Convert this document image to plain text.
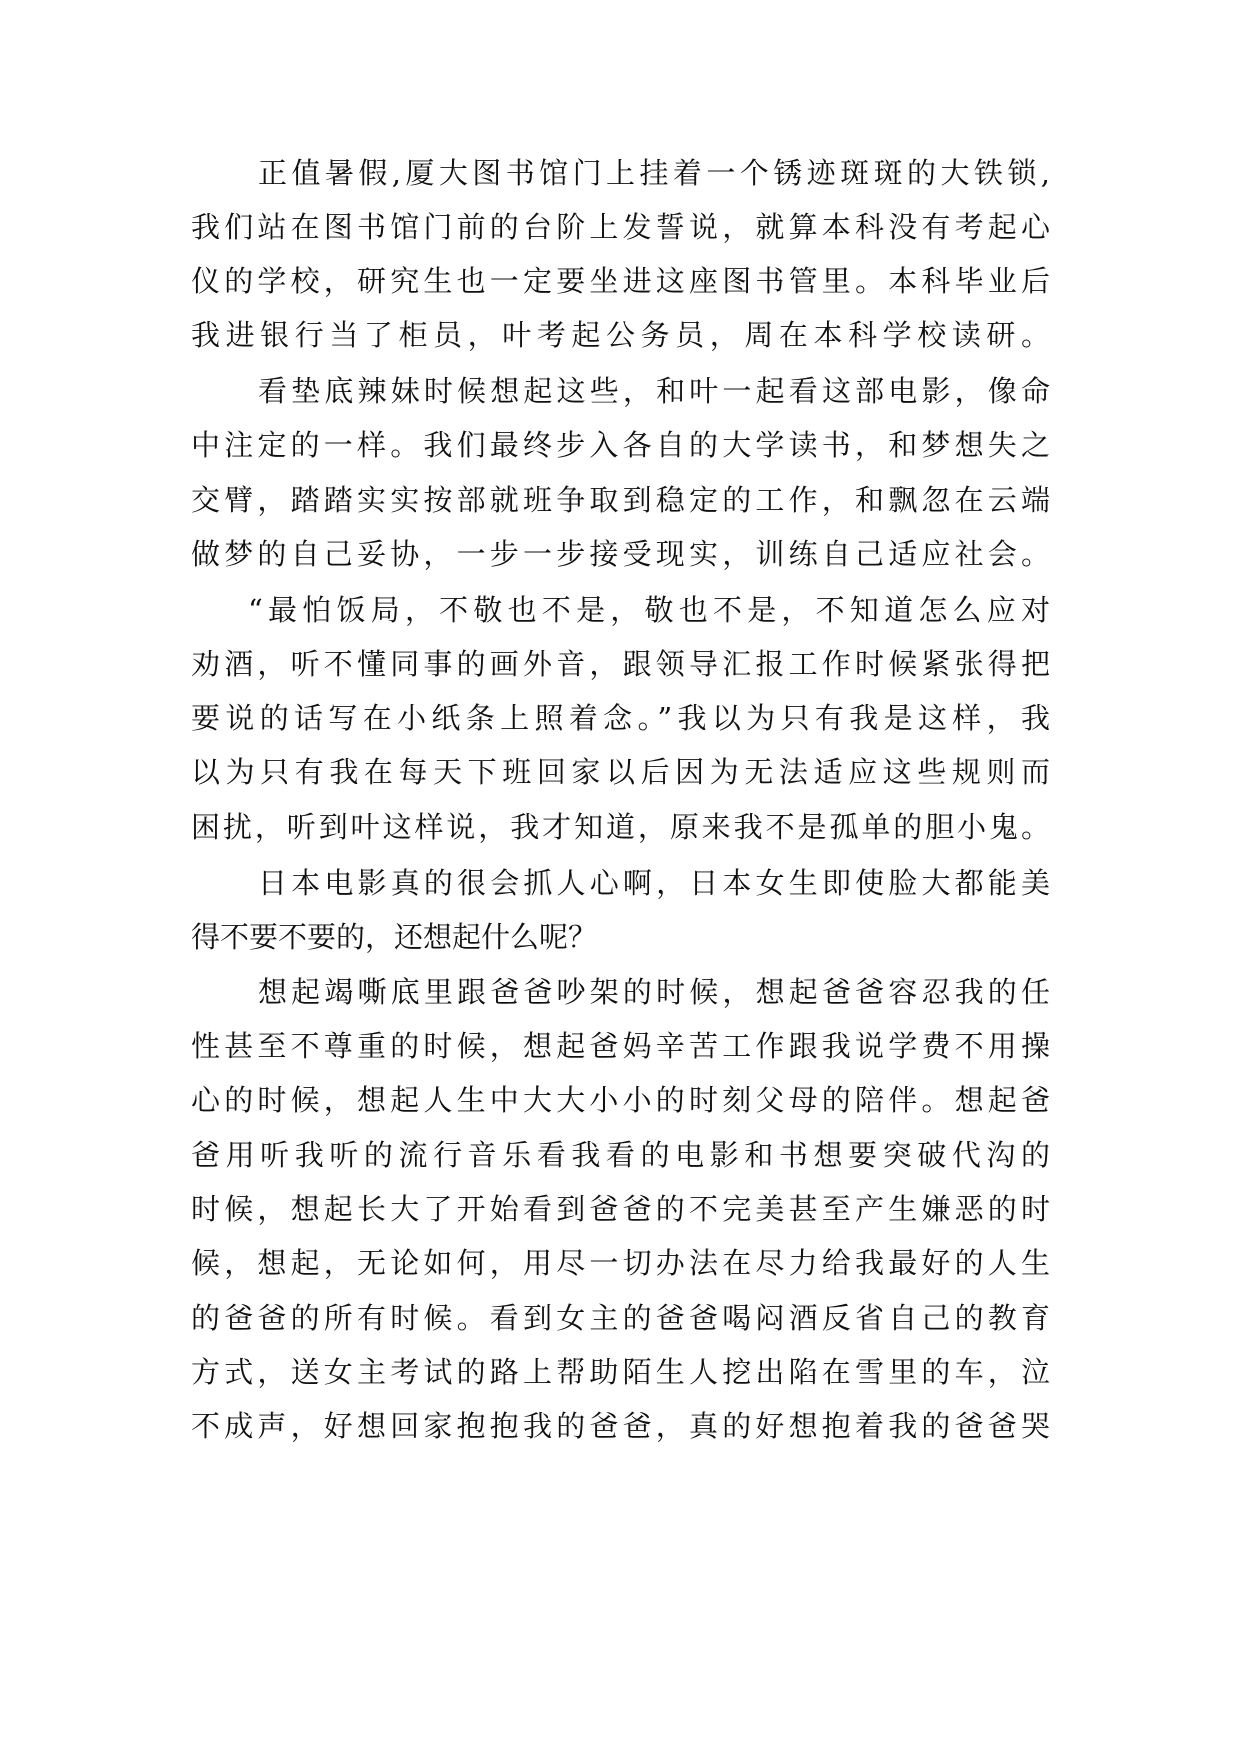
正值暑假,厦大图书馆门上挂着一个锈迹斑斑的大铁锁,
我们站在图书馆门前的台阶上发誓说，就算本科没有考起心
仪的学校，研究生也一定要坐进这座图书管里。本科毕业后
我进银行当了柜员，叶考起公务员，周在本科学校读研。
看垫底辣妹时候想起这些，和叶一起看这部电影，像命
中注定的一样。我们最终步入各自的大学读书，和梦想失之
交臂，踏踏实实按部就班争取到稳定的工作，和飘忽在云端
做梦的自己妥协，一步一步接受现实，训练自己适应社会。
“最怕饭局，不敬也不是，敬也不是，不知道怎么应对
劝酒，听不懂同事的画外音，跟领导汇报工作时候紧张得把
要说的话写在小纸条上照着念。”我以为只有我是这样，我
以为只有我在每天下班回家以后因为无法适应这些规则而
困扰，听到叶这样说，我才知道，原来我不是孤单的胆小鬼。
日本电影真的很会抓人心啊，日本女生即使脸大都能美
得不要不要的，还想起什么呢？
想起竭嘶底里跟爸爸吵架的时候，想起爸爸容忍我的任
性甚至不尊重的时候，想起爸妈辛苦工作跟我说学费不用操
心的时候，想起人生中大大小小的时刻父母的陪伴。想起爸
爸用听我听的流行音乐看我看的电影和书想要突破代沟的
时候，想起长大了开始看到爸爸的不完美甚至产生嫌恶的时
候，想起，无论如何，用尽一切办法在尽力给我最好的人生
的爸爸的所有时候。看到女主的爸爸喝闷酒反省自己的教育
方式，送女主考试的路上帮助陌生人挖出陷在雪里的车，泣
不成声，好想回家抱抱我的爸爸，真的好想抱着我的爸爸哭
